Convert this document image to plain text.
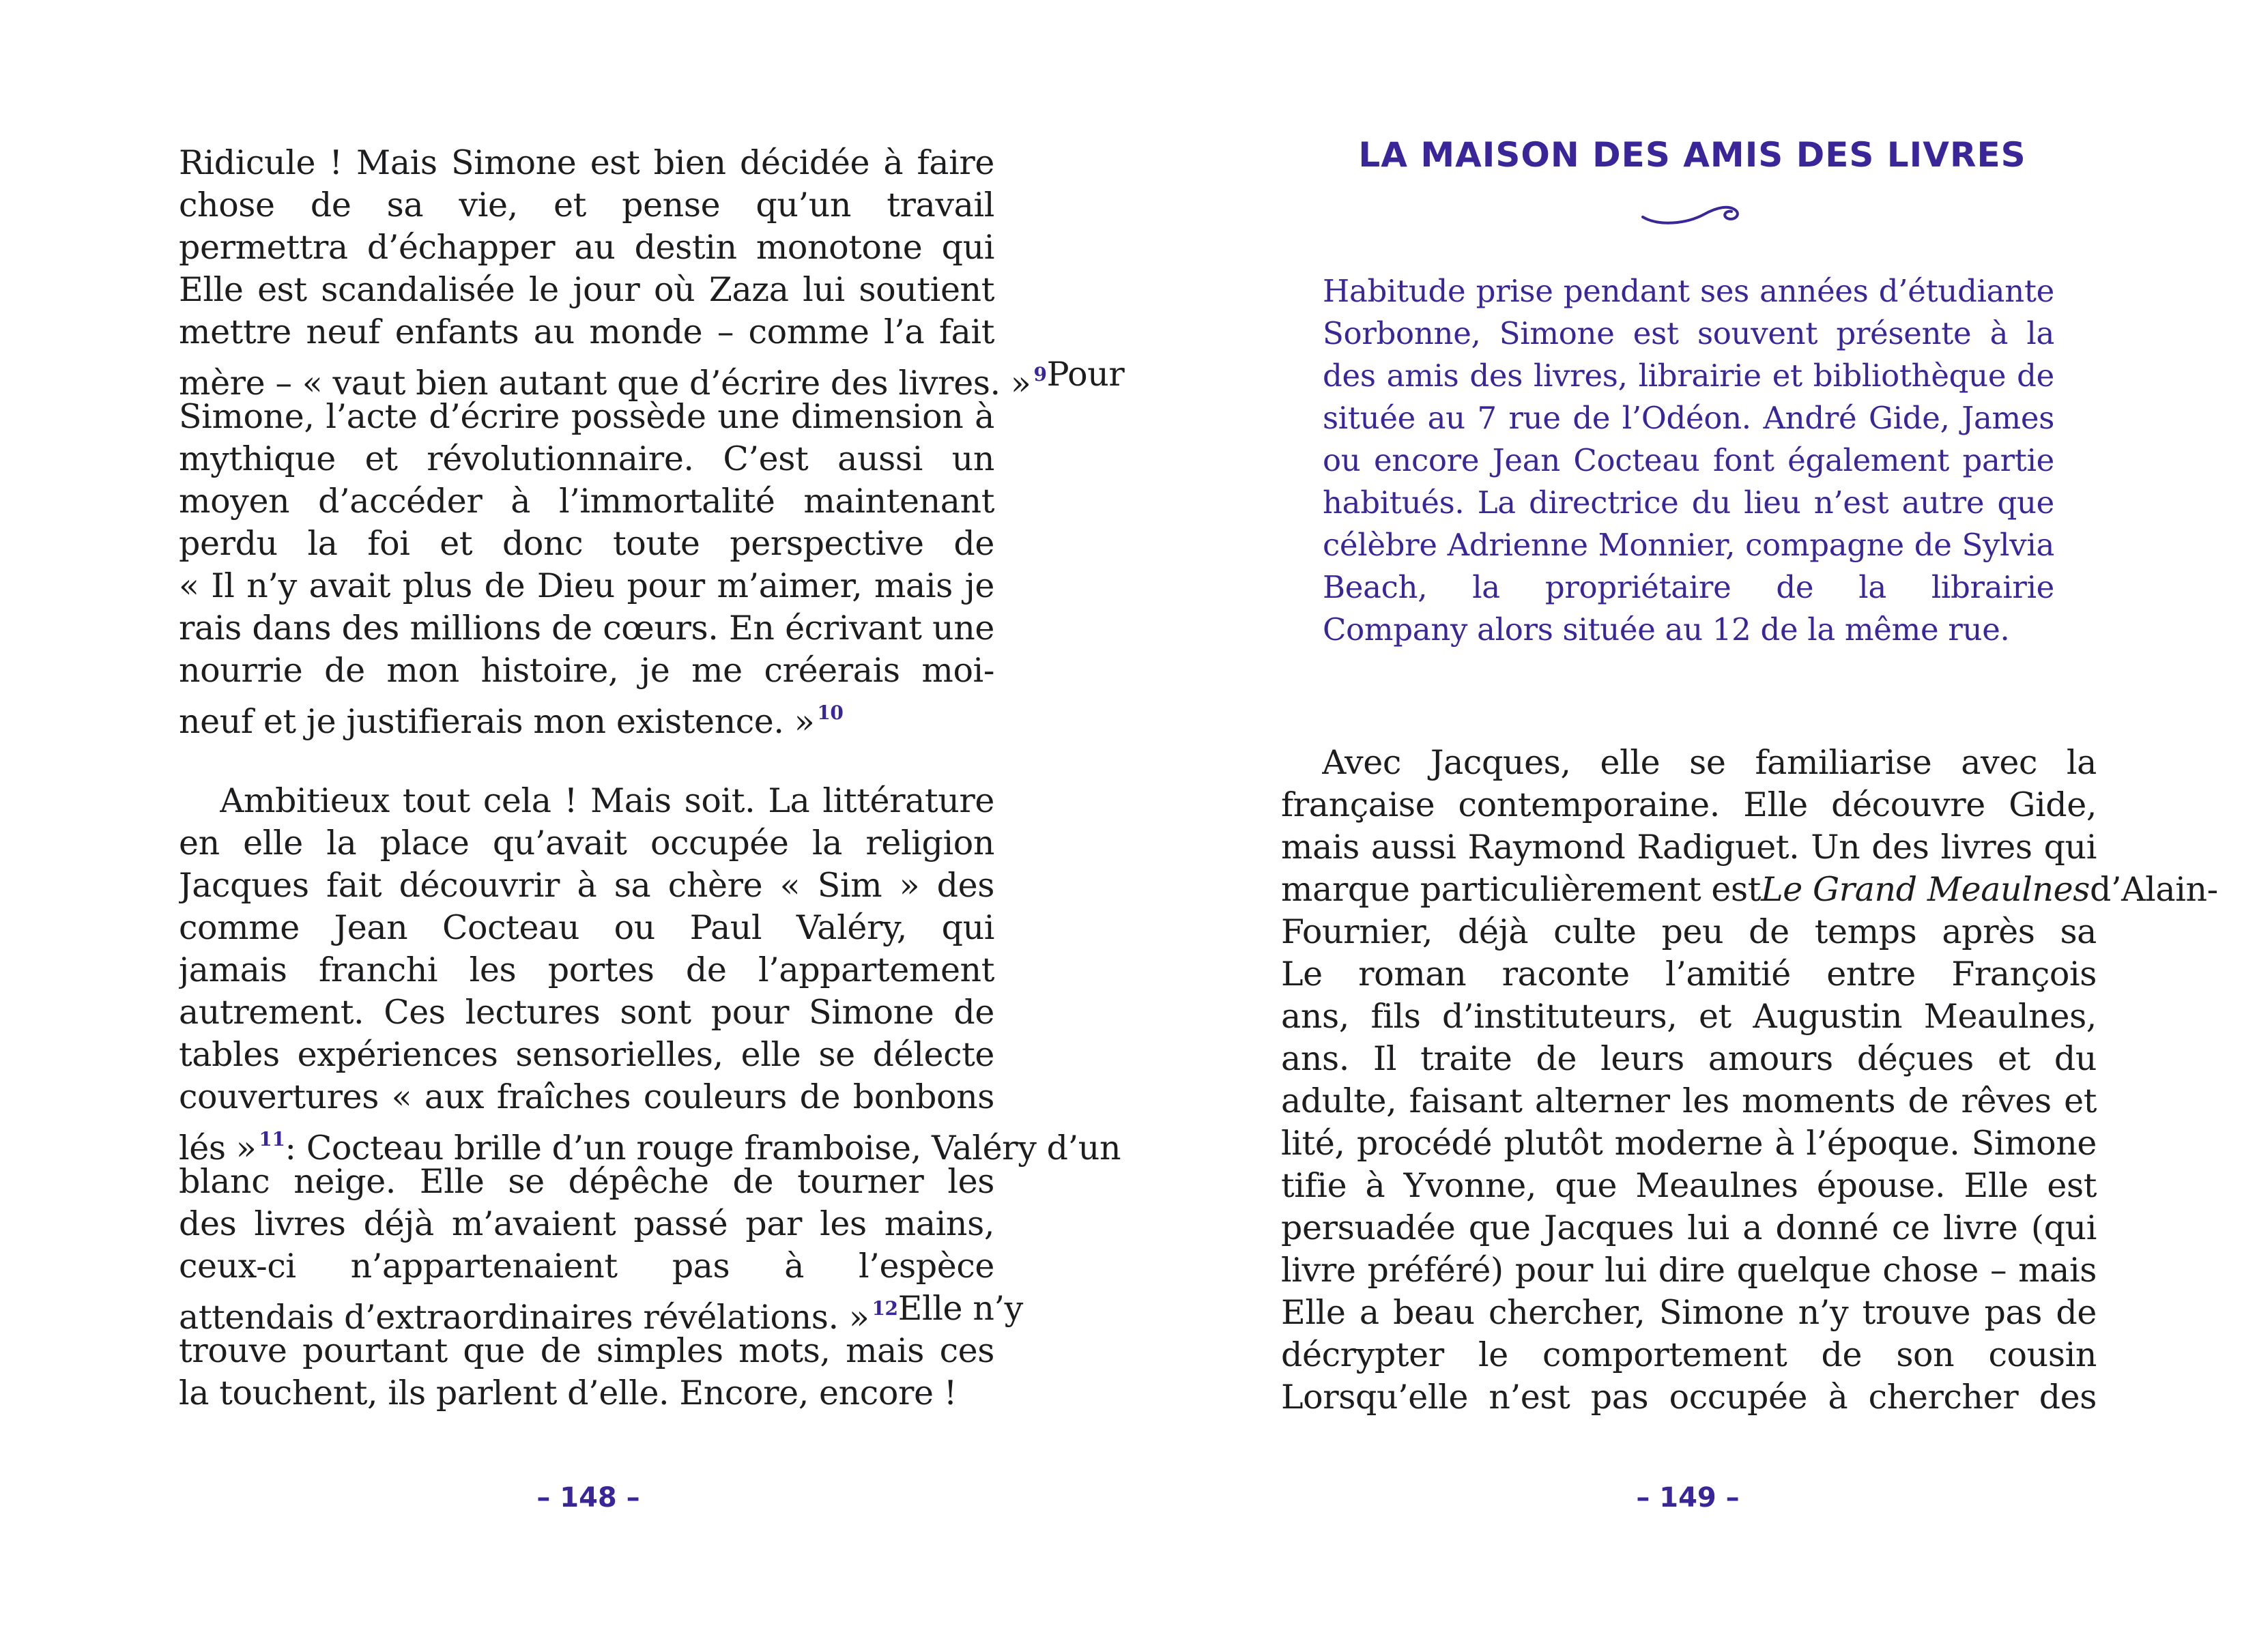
Ridicule ! Mais Simone est bien décidée à faire
chose de sa vie, et pense qu’un travail
permettra d’échapper au destin monotone qui
Elle est scandalisée le jour où Zaza lui soutient
mettre neuf enfants au monde – comme l’a fait
mère – « vaut bien autant que d’écrire des livres. » $^9$ Pour
Simone, l’acte d’écrire possède une dimension à
mythique et révolutionnaire. C’est aussi un
moyen d’accéder à l’immortalité maintenant
perdu la foi et donc toute perspective de
« Il n’y avait plus de Dieu pour m’aimer, mais je
rais dans des millions de cœurs. En écrivant une
nourrie de mon histoire, je me créerais moi-
neuf et je justifierais mon existence. » $^{10}$
Ambitieux tout cela ! Mais soit. La littérature
en elle la place qu’avait occupée la religion
Jacques fait découvrir à sa chère « Sim » des
comme Jean Cocteau ou Paul Valéry, qui
jamais franchi les portes de l’appartement
autrement. Ces lectures sont pour Simone de
tables expériences sensorielles, elle se délecte
couvertures « aux fraîches couleurs de bonbons
lés » $^{11}$: Cocteau brille d’un rouge framboise, Valéry d’un
blanc neige. Elle se dépêche de tourner les
des livres déjà m’avaient passé par les mains,
ceux-ci n’appartenaient pas à l’espèce
attendais d’extraordinaires révélations. » $^{12}$ Elle n’y
trouve pourtant que de simples mots, mais ces
la touchent, ils parlent d’elle. Encore, encore !
– 148 –
LA MAISON DES AMIS DES LIVRES
Habitude prise pendant ses années d’étudiante
Sorbonne, Simone est souvent présente à la
des amis des livres, librairie et bibliothèque de
située au 7 rue de l’Odéon. André Gide, James
ou encore Jean Cocteau font également partie
habitués. La directrice du lieu n’est autre que
célèbre Adrienne Monnier, compagne de Sylvia
Beach, la propriétaire de la librairie
Company alors située au 12 de la même rue.
Avec Jacques, elle se familiarise avec la
française contemporaine. Elle découvre Gide,
mais aussi Raymond Radiguet. Un des livres qui
marque particulièrement est Le Grand Meaulnes d’Alain-
Fournier, déjà culte peu de temps après sa
Le roman raconte l’amitié entre François
ans, fils d’instituteurs, et Augustin Meaulnes,
ans. Il traite de leurs amours déçues et du
adulte, faisant alterner les moments de rêves et
lité, procédé plutôt moderne à l’époque. Simone
tifie à Yvonne, que Meaulnes épouse. Elle est
persuadée que Jacques lui a donné ce livre (qui
livre préféré) pour lui dire quelque chose – mais
Elle a beau chercher, Simone n’y trouve pas de
décrypter le comportement de son cousin
Lorsqu’elle n’est pas occupée à chercher des
– 149 –
